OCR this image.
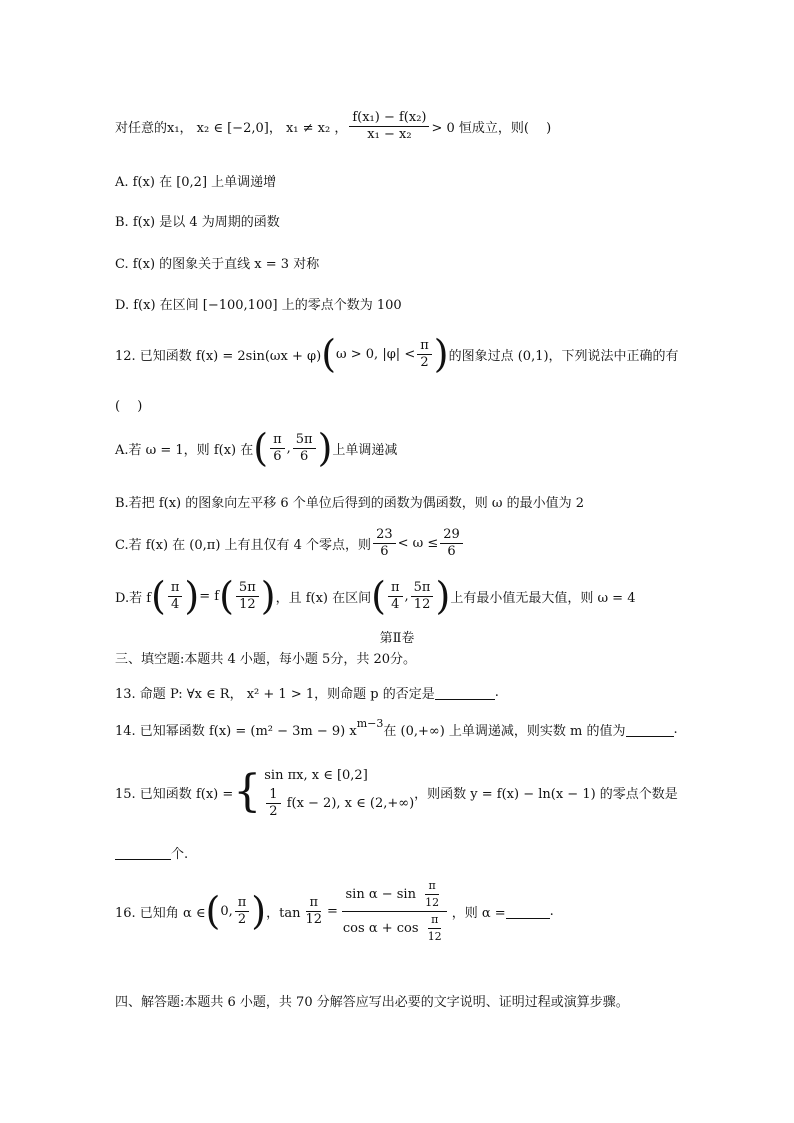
对任意的x₁， x₂ ∈ [−2,0]， x₁ ≠ x₂ ， $\frac{\text{f(x₁) − f(x₂)}}{\text{x₁ − x₂}} > 0$ 恒成立，则(　 )
A. f(x) 在 [0,2] 上单调递增
B. f(x) 是以 4 为周期的函数
C. f(x) 的图象关于直线 x = 3 对称
D. f(x) 在区间 [−100,100] 上的零点个数为 100
12. 已知函数 f(x) = 2sin(ωx + φ) ( ω > 0, $|\varphi| < \frac{\pi}{2}$ ) 的图象过点 (0,1)，下列说法中正确的有
(　 )
A.若 ω = 1，则 f(x) 在 ( $\frac{\pi}{6}$ , $\frac{5\pi}{6}$ ) 上单调递减
B.若把 f(x) 的图象向左平移 6 个单位后得到的函数为偶函数，则 ω 的最小值为 2
C.若 f(x) 在 (0,π) 上有且仅有 4 个零点，则 $\frac{23}{6} < \omega \le \frac{29}{6}$
D.若 f ( $\frac{\pi}{4}$ ) = f ( $\frac{5\pi}{12}$ ) ，且 f(x) 在区间 ( $\frac{\pi}{4}$ , $\frac{5\pi}{12}$ ) 上有最小值无最大值，则 ω = 4
第Ⅱ卷
三、填空题:本题共 4 小题，每小题 5分，共 20分。
13. 命题 P: ∀x ∈ R， x² + 1 > 1，则命题 p 的否定是	.
14. 已知幂函数 f(x) = (m² − 3m − 9) x
$^{m-3}$
在 (0,+∞) 上单调递减，则实数 m 的值为	.
15. 已知函数 f(x) = { sin πx, x ∈ [0,2]
$\frac{1}{2} f(x - 2)$, x ∈ (2,+∞)
，则函数 y = f(x) − ln(x − 1) 的零点个数是
个.
16. 已知角 α ∈ ( 0, $\frac{\pi}{2}$ ) ，$\tan \frac{\pi}{12} = \frac{\sin \alpha - \sin \frac{\pi}{12}}{\cos \alpha + \cos \frac{\pi}{12}}$ ，则 α =	.
四、解答题:本题共 6 小题，共 70 分解答应写出必要的文字说明、证明过程或演算步骤。
